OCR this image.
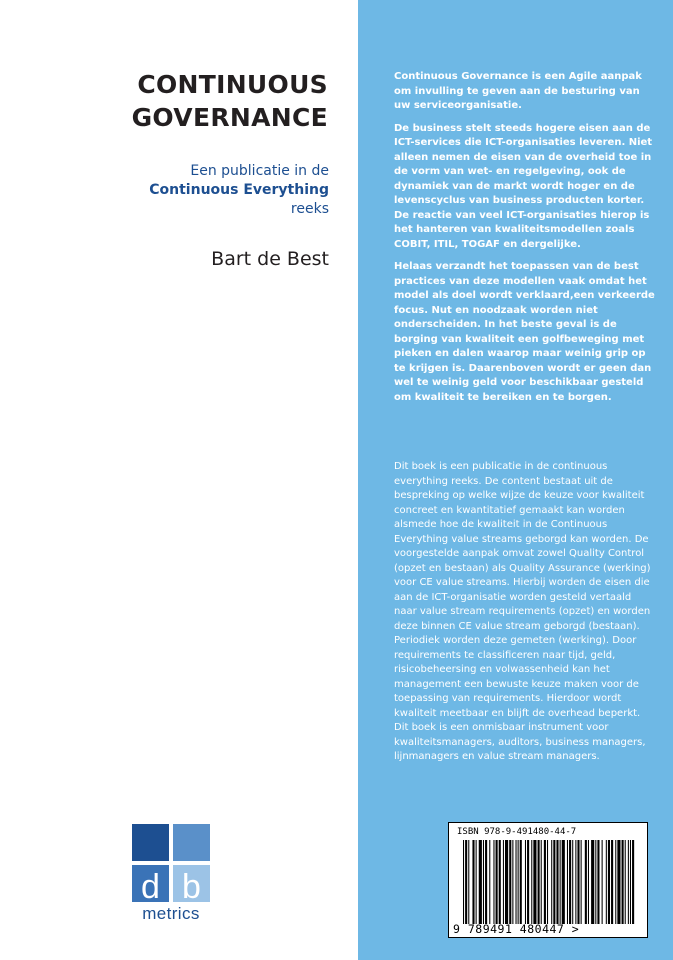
CONTINUOUS
GOVERNANCE
Een publicatie in de
Continuous Everything
reeks
Bart de Best
d b
metrics

Continuous Governance is een Agile aanpak om invulling te geven aan de besturing van uw serviceorganisatie.

De business stelt steeds hogere eisen aan de ICT-services die ICT-organisaties leveren. Niet alleen nemen de eisen van de overheid toe in de vorm van wet- en regelgeving, ook de dynamiek van de markt wordt hoger en de levenscyclus van business producten korter. De reactie van veel ICT-organisaties hierop is het hanteren van kwaliteitsmodellen zoals COBIT, ITIL, TOGAF en dergelijke.

Helaas verzandt het toepassen van de best practices van deze modellen vaak omdat het model als doel wordt verklaard,een verkeerde focus. Nut en noodzaak worden niet onderscheiden. In het beste geval is de borging van kwaliteit een golfbeweging met pieken en dalen waarop maar weinig grip op te krijgen is. Daarenboven wordt er geen dan wel te weinig geld voor beschikbaar gesteld om kwaliteit te bereiken en te borgen.

Dit boek is een publicatie in de continuous everything reeks. De content bestaat uit de bespreking op welke wijze de keuze voor kwaliteit concreet en kwantitatief gemaakt kan worden alsmede hoe de kwaliteit in de Continuous Everything value streams geborgd kan worden. De voorgestelde aanpak omvat zowel Quality Control (opzet en bestaan) als Quality Assurance (werking) voor CE value streams. Hierbij worden de eisen die aan de ICT-organisatie worden gesteld vertaald naar value stream requirements (opzet) en worden deze binnen CE value stream geborgd (bestaan). Periodiek worden deze gemeten (werking). Door requirements te classificeren naar tijd, geld, risicobeheersing en volwassenheid kan het management een bewuste keuze maken voor de toepassing van requirements. Hierdoor wordt kwaliteit meetbaar en blijft de overhead beperkt. Dit boek is een onmisbaar instrument voor kwaliteitsmanagers, auditors, business managers, lijnmanagers en value stream managers.

ISBN 978-9-491480-44-7
9 789491 480447 >
